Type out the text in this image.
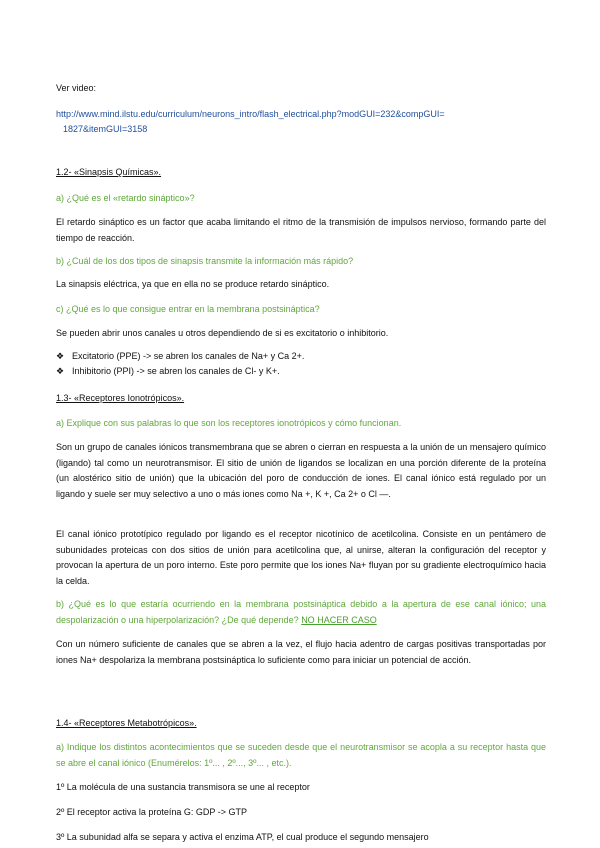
Ver video:

http://www.mind.ilstu.edu/curriculum/neurons_intro/flash_electrical.php?modGUI=232&compGUI=

1827&itemGUI=3158

1.2- «Sinapsis Químicas».

a) ¿Qué es el «retardo sináptico»?

El retardo sináptico es un factor que acaba limitando el ritmo de la transmisión de impulsos nervioso, formando parte del tiempo de reacción.

b) ¿Cuál de los dos tipos de sinapsis transmite la información más rápido?

La sinapsis eléctrica, ya que en ella no se produce retardo sináptico.

c) ¿Qué es lo que consigue entrar en la membrana postsináptica?

Se pueden abrir unos canales u otros dependiendo de si es excitatorio o inhibitorio.

❖ Excitatorio (PPE) -> se abren los canales de Na+ y Ca 2+.
❖ Inhibitorio (PPI) -> se abren los canales de Cl- y K+.

1.3- «Receptores Ionotrópicos».

a) Explique con sus palabras lo que son los receptores ionotrópicos y cómo funcionan.

Son un grupo de canales iónicos transmembrana que se abren o cierran en respuesta a la unión de un mensajero químico (ligando) tal como un neurotransmisor. El sitio de unión de ligandos se localizan en una porción diferente de la proteína (un alostérico sitio de unión) que la ubicación del poro de conducción de iones. El canal iónico está regulado por un ligando y suele ser muy selectivo a uno o más iones como Na +, K +, Ca 2+ o Cl —.

El canal iónico prototípico regulado por ligando es el receptor nicotínico de acetilcolina. Consiste en un pentámero de subunidades proteicas con dos sitios de unión para acetilcolina que, al unirse, alteran la configuración del receptor y provocan la apertura de un poro interno. Este poro permite que los iones Na+ fluyan por su gradiente electroquímico hacia la celda.

b) ¿Qué es lo que estaría ocurriendo en la membrana postsináptica debido a la apertura de ese canal iónico; una despolarización o una hiperpolarización? ¿De qué depende? NO HACER CASO

Con un número suficiente de canales que se abren a la vez, el flujo hacia adentro de cargas positivas transportadas por iones Na+ despolariza la membrana postsináptica lo suficiente como para iniciar un potencial de acción.

1.4- «Receptores Metabotrópicos».

a) Indique los distintos acontecimientos que se suceden desde que el neurotransmisor se acopla a su receptor hasta que se abre el canal iónico (Enumérelos: 1º... , 2º..., 3º... , etc.).

1º La molécula de una sustancia transmisora se une al receptor

2º El receptor activa la proteína G: GDP -> GTP

3º La subunidad alfa se separa y activa el enzima ATP, el cual produce el segundo mensajero
